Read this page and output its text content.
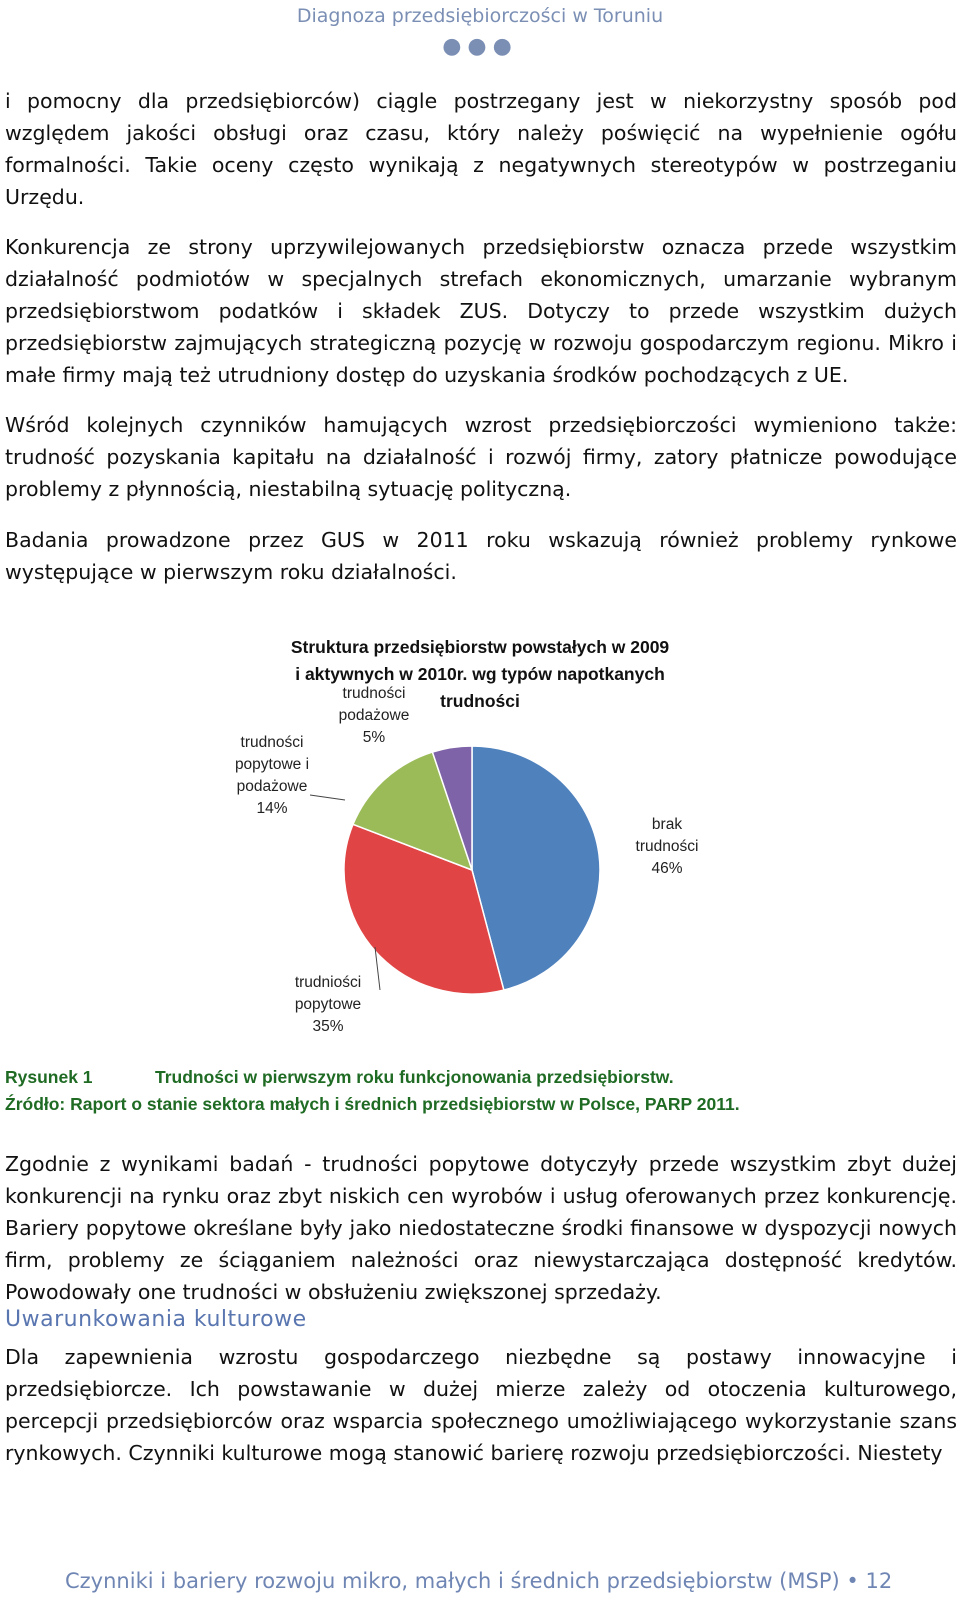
Diagnoza przedsiębiorczości w Toruniu
●●●

i pomocny dla przedsiębiorców) ciągle postrzegany jest w niekorzystny sposób pod względem jakości obsługi oraz czasu, który należy poświęcić na wypełnienie ogółu formalności. Takie oceny często wynikają z negatywnych stereotypów w postrzeganiu Urzędu.

Konkurencja ze strony uprzywilejowanych przedsiębiorstw oznacza przede wszystkim działalność podmiotów w specjalnych strefach ekonomicznych, umarzanie wybranym przedsiębiorstwom podatków i składek ZUS. Dotyczy to przede wszystkim dużych przedsiębiorstw zajmujących strategiczną pozycję w rozwoju gospodarczym regionu. Mikro i małe firmy mają też utrudniony dostęp do uzyskania środków pochodzących z UE.

Wśród kolejnych czynników hamujących wzrost przedsiębiorczości wymieniono także: trudność pozyskania kapitału na działalność i rozwój firmy, zatory płatnicze powodujące problemy z płynnością, niestabilną sytuację polityczną.

Badania prowadzone przez GUS w 2011 roku wskazują również problemy rynkowe występujące w pierwszym roku działalności.

Struktura przedsiębiorstw powstałych w 2009
i aktywnych w 2010r. wg typów napotkanych
trudności
brak trudności 46%
trudniości popytowe 35%
trudności popytowe i podażowe 14%
trudności podażowe 5%
Rysunek 1	Trudności w pierwszym roku funkcjonowania przedsiębiorstw.
Źródło: Raport o stanie sektora małych i średnich przedsiębiorstw w Polsce, PARP 2011.

Zgodnie z wynikami badań - trudności popytowe dotyczyły przede wszystkim zbyt dużej konkurencji na rynku oraz zbyt niskich cen wyrobów i usług oferowanych przez konkurencję. Bariery popytowe określane były jako niedostateczne środki finansowe w dyspozycji nowych firm, problemy ze ściąganiem należności oraz niewystarczająca dostępność kredytów. Powodowały one trudności w obsłużeniu zwiększonej sprzedaży.

Uwarunkowania kulturowe

Dla zapewnienia wzrostu gospodarczego niezbędne są postawy innowacyjne i przedsiębiorcze. Ich powstawanie w dużej mierze zależy od otoczenia kulturowego, percepcji przedsiębiorców oraz wsparcia społecznego umożliwiającego wykorzystanie szans rynkowych. Czynniki kulturowe mogą stanowić barierę rozwoju przedsiębiorczości. Niestety

Czynniki i bariery rozwoju mikro, małych i średnich przedsiębiorstw (MSP) • 12
